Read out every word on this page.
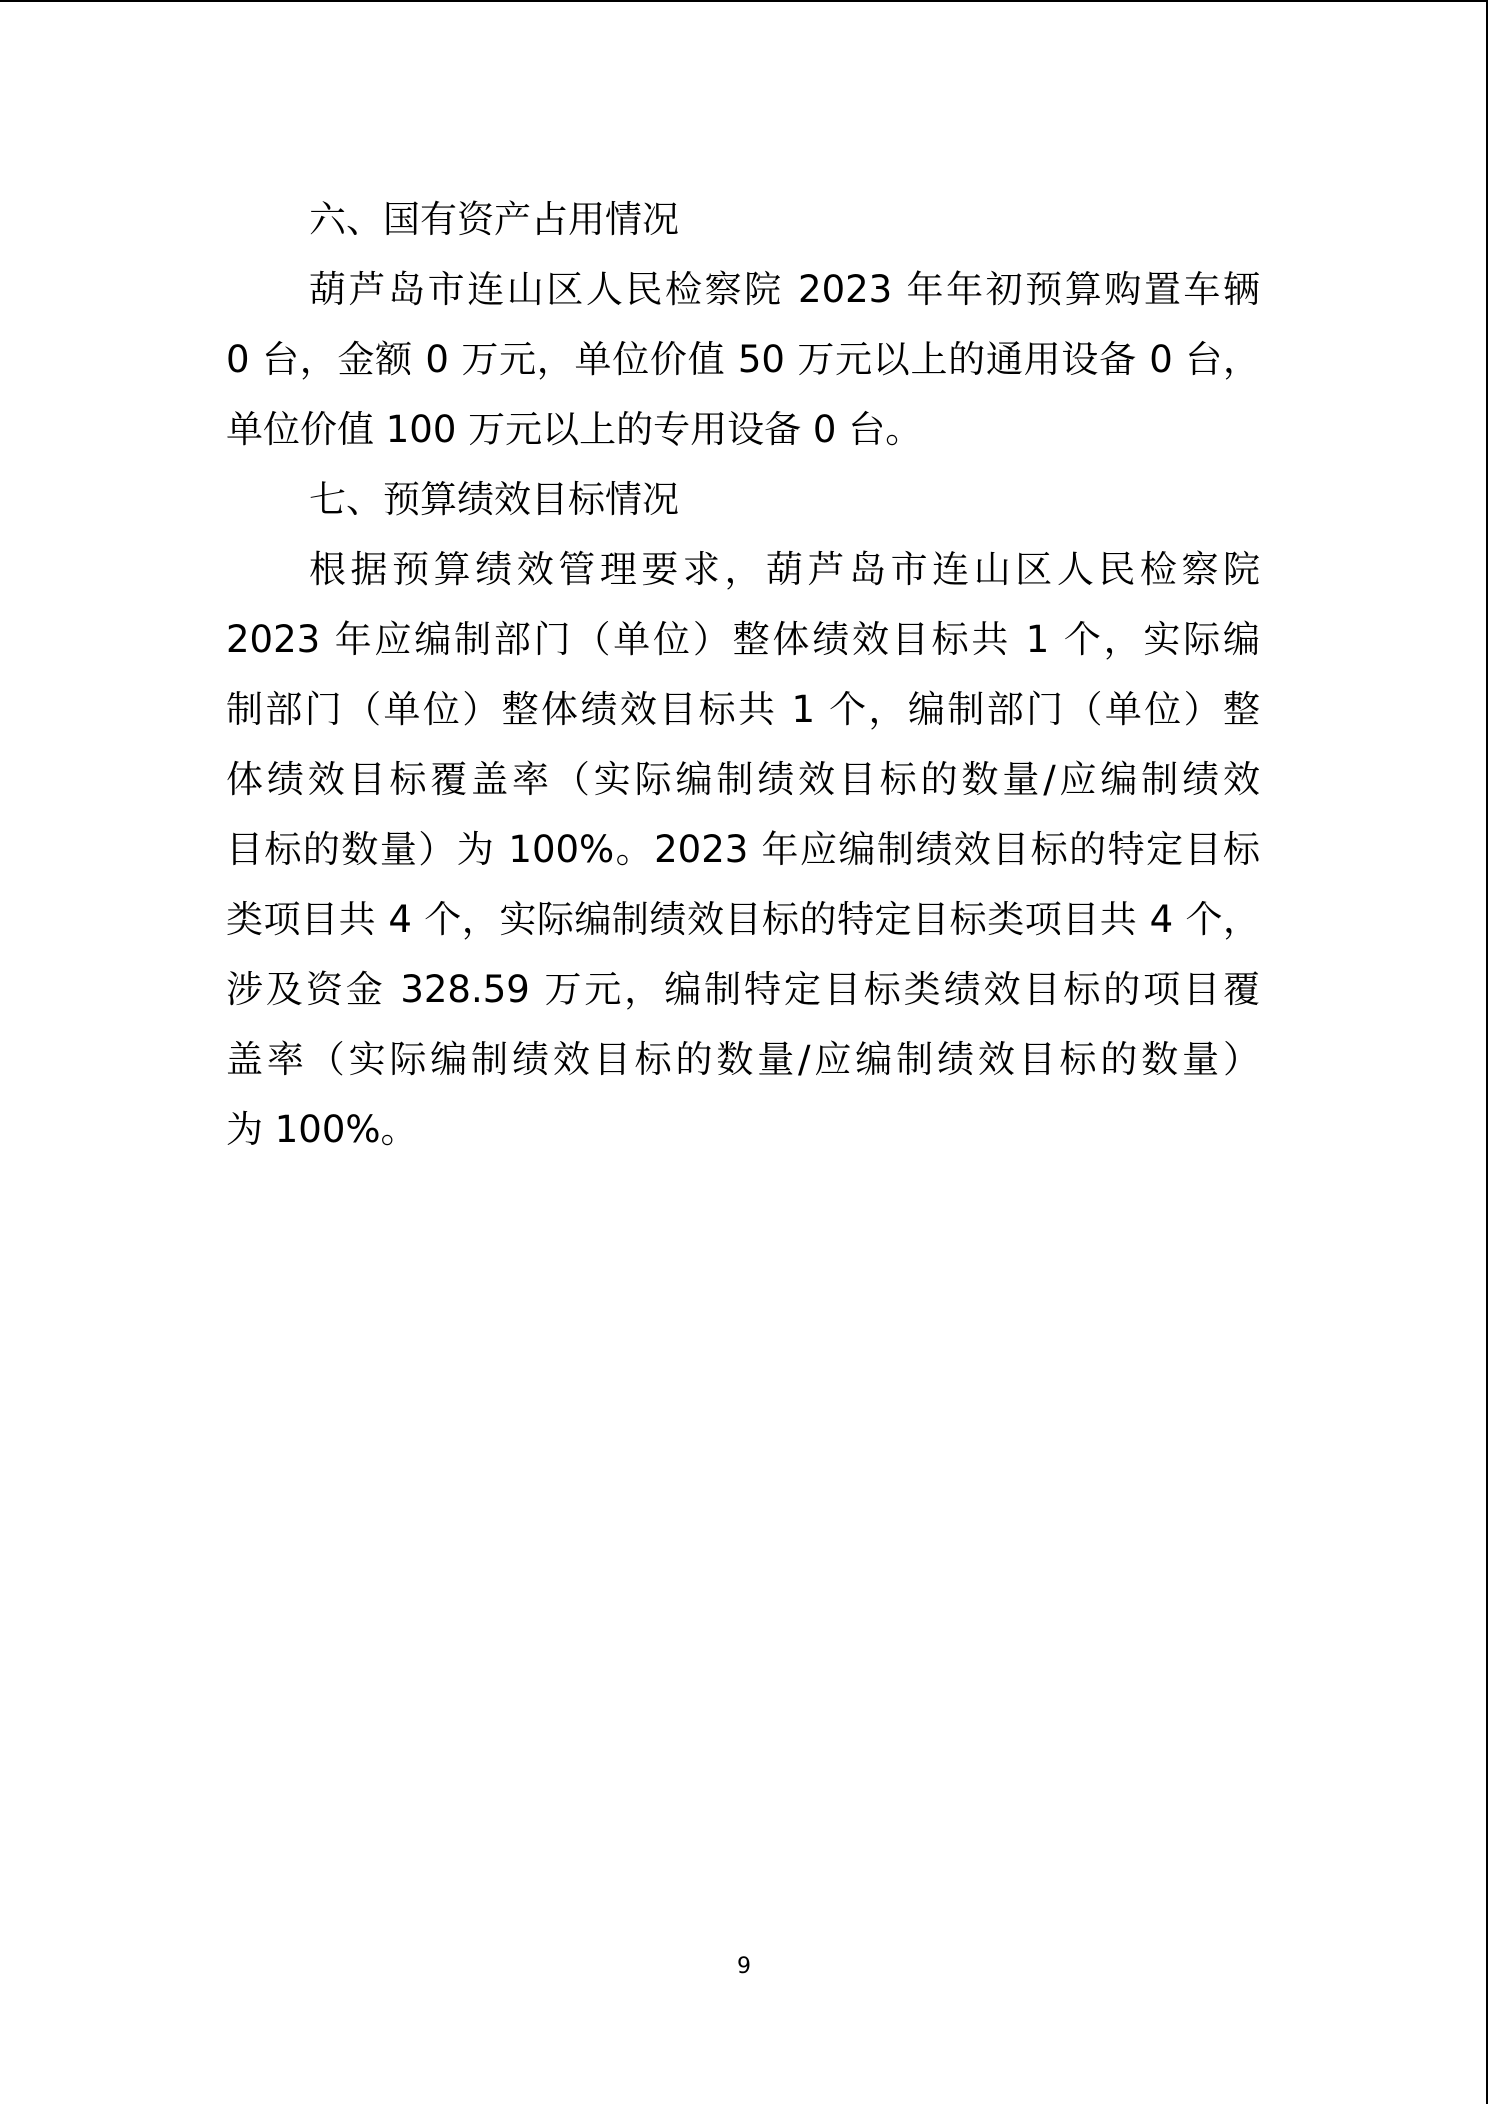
六、国有资产占用情况
葫芦岛市连山区人民检察院 2023 年年初预算购置车辆
0 台，金额 0 万元，单位价值 50 万元以上的通用设备 0 台，
单位价值 100 万元以上的专用设备 0 台。
七、预算绩效目标情况
根据预算绩效管理要求，葫芦岛市连山区人民检察院
2023 年应编制部门（单位）整体绩效目标共 1 个，实际编
制部门（单位）整体绩效目标共 1 个，编制部门（单位）整
体绩效目标覆盖率（实际编制绩效目标的数量/应编制绩效
目标的数量）为 100%。2023 年应编制绩效目标的特定目标
类项目共 4 个，实际编制绩效目标的特定目标类项目共 4 个，
涉及资金 328.59 万元，编制特定目标类绩效目标的项目覆
盖率（实际编制绩效目标的数量/应编制绩效目标的数量）
为 100%。
9
